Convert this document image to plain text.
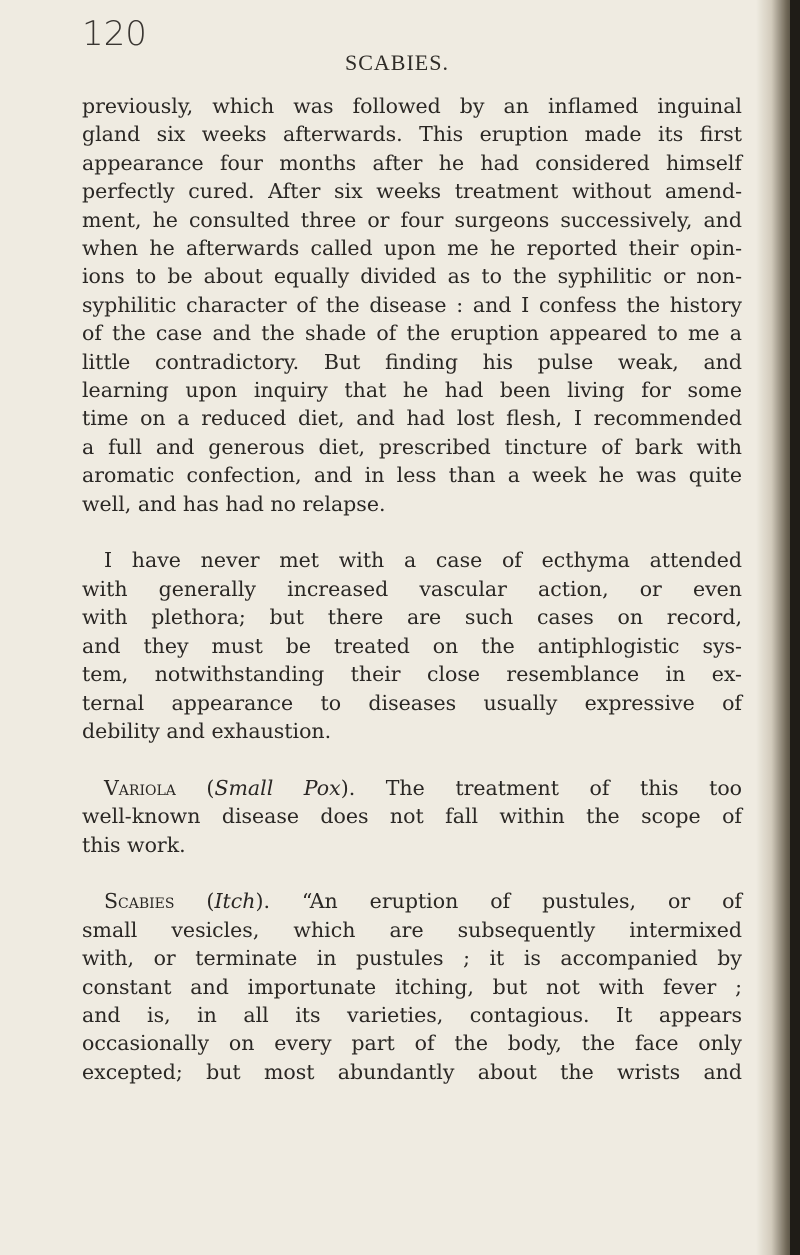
120
SCABIES.
previously, which was followed by an inflamed inguinal
gland six weeks afterwards. This eruption made its first
appearance four months after he had considered himself
perfectly cured. After six weeks treatment without amend-
ment, he consulted three or four surgeons successively, and
when he afterwards called upon me he reported their opin-
ions to be about equally divided as to the syphilitic or non-
syphilitic character of the disease : and I confess the history
of the case and the shade of the eruption appeared to me a
little contradictory. But finding his pulse weak, and
learning upon inquiry that he had been living for some
time on a reduced diet, and had lost flesh, I recommended
a full and generous diet, prescribed tincture of bark with
aromatic confection, and in less than a week he was quite
well, and has had no relapse.
I have never met with a case of ecthyma attended
with generally increased vascular action, or even
with plethora; but there are such cases on record,
and they must be treated on the antiphlogistic sys-
tem, notwithstanding their close resemblance in ex-
ternal appearance to diseases usually expressive of
debility and exhaustion.
Variola (Small Pox). The treatment of this too
well-known disease does not fall within the scope of
this work.
Scabies (Itch). “An eruption of pustules, or of
small vesicles, which are subsequently intermixed
with, or terminate in pustules ; it is accompanied by
constant and importunate itching, but not with fever ;
and is, in all its varieties, contagious. It appears
occasionally on every part of the body, the face only
excepted; but most abundantly about the wrists and
